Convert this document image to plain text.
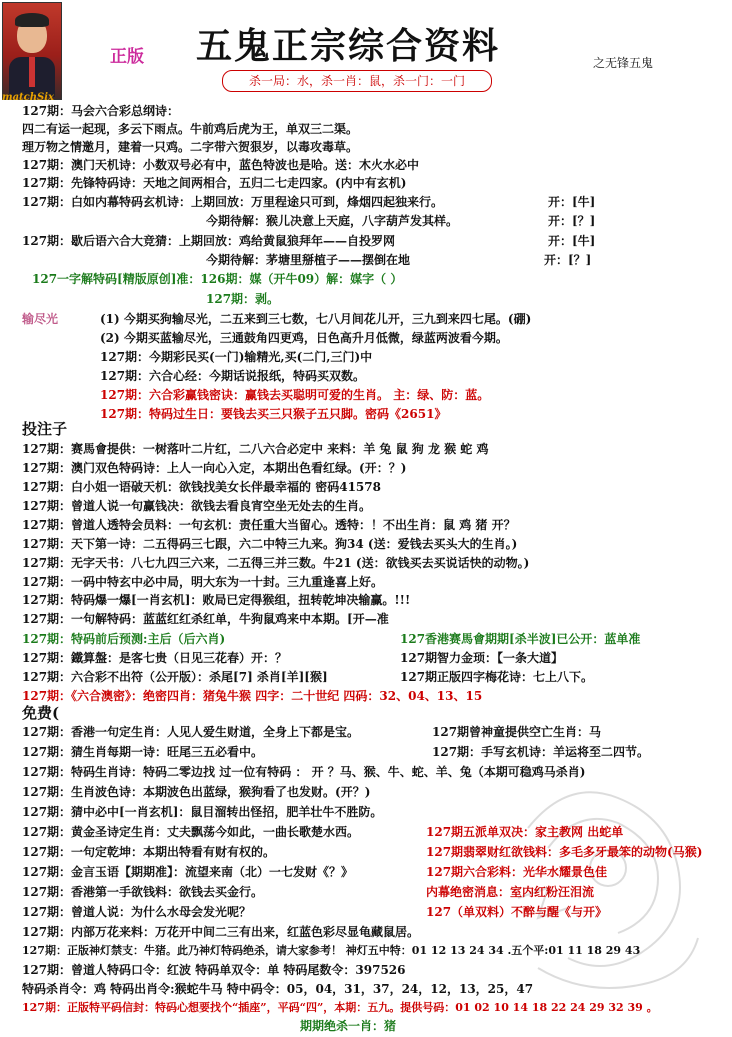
matchSix
正版 五鬼正宗综合资料	之无锋五鬼
杀一局：水，杀一肖：鼠，杀一门：一门
127期：马会六合彩总纲诗：
四二有运一起现，多云下雨点。牛前鸡后虎为王，单双三二渠。
理万物之情邀月，建着一只鸡。二字带六贺狠岁，以毒攻毒草。
127期：澳门天机诗：小数双号必有中，蓝色特波也是哈。送：木火水必中
127期：先锋特码诗：天地之间两相合，五归二七走四家。(内中有玄机)
127期：白如内幕特码玄机诗：上期回放：万里程途只可到，烽烟四起独来行。	开：[牛]
今期待解：猴儿决意上天庭，八字葫芦发其样。	开：[？]
127期：歇后语六合大竞猜：上期回放：鸡给黄鼠狼拜年——自投罗网	开：[牛]
今期待解：茅塘里掰植子——摆倒在地	开：[？]
127一字解特码[精版原创]准：126期：媒（开牛09）解：媒字（ ）
127期：剥。
输尽光	(1) 今期买狗输尽光，二五来到三七数，七八月间花儿开，三九到来四七尾。(硼)
(2) 今期买蓝输尽光，三通鼓角四更鸡，日色高升月低微，绿蓝两波看今期。
127期：今期彩民买(一门)输精光,买(二门,三门)中
127期：六合心经：今期话说报纸，特码买双数。
127期：六合彩赢钱密诀：赢钱去买聪明可爱的生肖。 主：绿、防：蓝。
127期：特码过生日：要钱去买三只猴子五只脚。密码《2651》
投注子
127期：赛馬會提供：一树落叶二片红，二八六合必定中 来料：羊 兔 鼠 狗 龙 猴 蛇 鸡
127期：澳门双色特码诗：上人一向心入定，本期出色看红绿。(开：？)
127期：白小姐一语破天机：欲钱找美女长伴最幸福的 密码41578
127期：曾道人说一句赢钱决：欲钱去看良宵空坐无处去的生肖。
127期：曾道人透特会员料：一句玄机：责任重大当留心。透特：！不出生肖：鼠 鸡 猪 开？
127期：天下第一诗：二五得码三七跟，六二中特三九来。狗34 (送：爱钱去买头大的生肖。)
127期：无字天书：八七九四三六来，二五得三并三数。牛21 (送：欲钱买去买说话快的动物。)
127期：一码中特玄中必中局，明大东为一十封。三九重逢喜上好。
127期：特码爆一爆[一肖玄机]：败局已定得猴组，扭转乾坤决输赢。!!!
127期：一句解特码：蓝蓝红红杀红单，牛狗鼠鸡来中本期。[开—准
127期：特码前后预测:主后（后六肖)	127香港赛馬會期期[杀半波]已公开：蓝单准
127期：鐵算盤：是客七贵（日见三花春）开：？	127期智力金顼：【一条大道】
127期：六合彩不出符（公开版）：杀尾[7] 杀肖[羊][猴]	127期正版四字梅花诗：七上八下。
127期：《六合澳密》：绝密四肖：猪兔牛猴 四字：二十世纪 四码：32、04、13、15
免费(
127期：香港一句定生肖：人见人爱生财道，全身上下都是宝。	127期曾神童提供空亡生肖：马
127期：猜生肖每期一诗：旺尾三五必看中。	127期：手写玄机诗：羊运将至二四节。
127期：特码生肖诗：特码二零边找 过一位有特码 ： 开 ？马、猴、牛、蛇、羊、兔（本期可稳鸡马杀肖)
127期：生肖波色诗：本期波色出蓝绿，猴狗看了也发财。(开？)
127期：猜中必中[一肖玄机]：鼠目溜转出怪招，肥羊壮牛不胜防。
127期：黄金圣诗定生肖：丈夫飘荡今如此，一曲长歌楚水西。	127期五派单双决：家主教网 出蛇单
127期：一句定乾坤：本期出特看有财有权的。	127期翡翠财红欲钱料：多毛多牙最笨的动物(马猴)
127期：金言玉语【期期准】：流望来南（北）一七发财《？》	127期六合彩料：光华水耀景色佳
127期：香港第一手欲钱料：欲钱去买金行。	内幕绝密消息：室内红粉汪泪流
127期：曾道人说：为什么水母会发光呢？	127（单双料）不醉与醒《与开》
127期：内部万花来料：万花开中间二三有出来，红蓝色彩尽显龟藏鼠居。
127期：正版神灯禁支：牛猪。此乃神灯特码绝杀，请大家参考！ 神灯五中特：01 12 13 24 34 .五个平:01 11 18 29 43
127期：曾道人特码口令：红波 特码单双令：单 特码尾数令：397526
特码杀肖令：鸡 特码出肖令:猴蛇牛马 特中码令：05，04，31，37，24，12，13，25，47
127期：正版特平码信封：特码心想要找个“插座”，平码“四”，本期：五九。提供号码：01 02 10 14 18 22 24 29 32 39 。
期期绝杀一肖：猪
